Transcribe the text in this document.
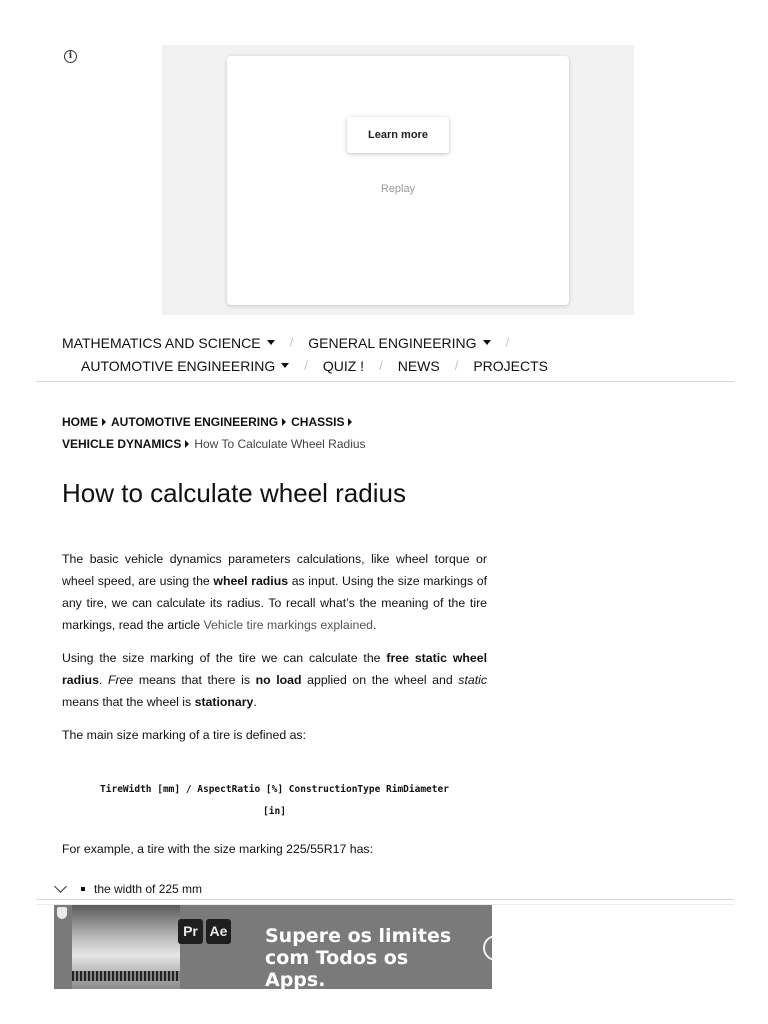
i
Learn more
Replay
MATHEMATICS AND SCIENCE / GENERAL ENGINEERING /
AUTOMOTIVE ENGINEERING / QUIZ ! / NEWS / PROJECTS
HOME AUTOMOTIVE ENGINEERING CHASSIS
VEHICLE DYNAMICS How To Calculate Wheel Radius
How to calculate wheel radius

The basic vehicle dynamics parameters calculations, like wheel torque or wheel speed, are using the wheel radius as input. Using the size markings of any tire, we can calculate its radius. To recall what’s the meaning of the tire markings, read the article Vehicle tire markings explained.

Using the size marking of the tire we can calculate the free static wheel radius. Free means that there is no load applied on the wheel and static means that the wheel is stationary.

The main size marking of a tire is defined as:

TireWidth [mm] / AspectRatio [%] ConstructionType RimDiameter
[in]

For example, a tire with the size marking 225/55R17 has:

the width of 225 mm
Pr Ae Supere os limites
com Todos os Apps.
